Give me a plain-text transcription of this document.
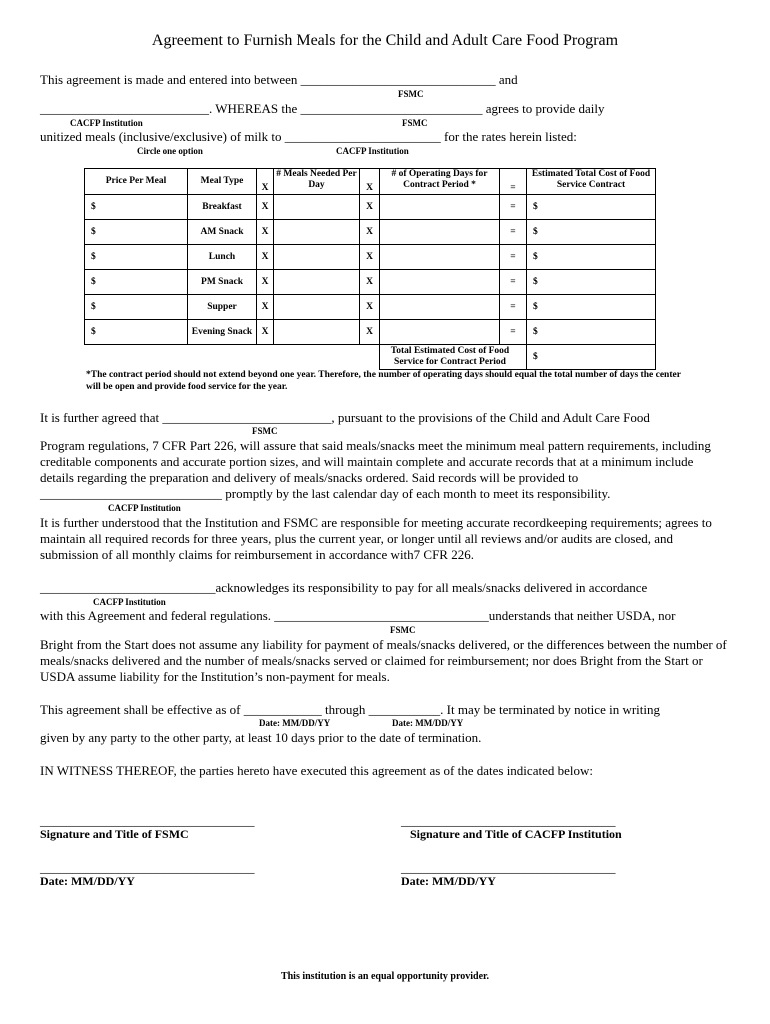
Agreement to Furnish Meals for the Child and Adult Care Food Program
This agreement is made and entered into between ______________________________ and
FSMC
__________________________. WHEREAS the ____________________________ agrees to provide daily
CACFP Institution	FSMC
unitized meals (inclusive/exclusive) of milk to ________________________ for the rates herein listed:
Circle one option	CACFP Institution
Price Per Meal	Meal Type	X	# Meals Needed Per Day	X	# of Operating Days for Contract Period *	=	Estimated Total Cost of Food Service Contract
$	Breakfast	X		X		=	$
$	AM Snack	X		X		=	$
$	Lunch	X		X		=	$
$	PM Snack	X		X		=	$
$	Supper	X		X		=	$
$	Evening Snack	X		X		=	$
					Total Estimated Cost of Food Service for Contract Period		$
*The contract period should not extend beyond one year. Therefore, the number of operating days should equal the total number of days the center will be open and provide food service for the year.
It is further agreed that __________________________, pursuant to the provisions of the Child and Adult Care Food
FSMC
Program regulations, 7 CFR Part 226, will assure that said meals/snacks meet the minimum meal pattern requirements, including creditable components and accurate portion sizes, and will maintain complete and accurate records that at a minimum include details regarding the preparation and delivery of meals/snacks ordered. Said records will be provided to
____________________________ promptly by the last calendar day of each month to meet its responsibility.
CACFP Institution
It is further understood that the Institution and FSMC are responsible for meeting accurate recordkeeping requirements; agrees to maintain all required records for three years, plus the current year, or longer until all reviews and/or audits are closed, and submission of all monthly claims for reimbursement in accordance with7 CFR 226.
___________________________acknowledges its responsibility to pay for all meals/snacks delivered in accordance
CACFP Institution
with this Agreement and federal regulations. _________________________________understands that neither USDA, nor
FSMC
Bright from the Start does not assume any liability for payment of meals/snacks delivered, or the differences between the number of meals/snacks delivered and the number of meals/snacks served or claimed for reimbursement; nor does Bright from the Start or USDA assume liability for the Institution’s non-payment for meals.
This agreement shall be effective as of ____________ through ___________. It may be terminated by notice in writing
Date: MM/DD/YY	Date: MM/DD/YY
given by any party to the other party, at least 10 days prior to the date of termination.
IN WITNESS THEREOF, the parties hereto have executed this agreement as of the dates indicated below:
_________________________________
Signature and Title of FSMC
_________________________________
Signature and Title of CACFP Institution
_________________________________
Date: MM/DD/YY
_________________________________
Date: MM/DD/YY
This institution is an equal opportunity provider.
